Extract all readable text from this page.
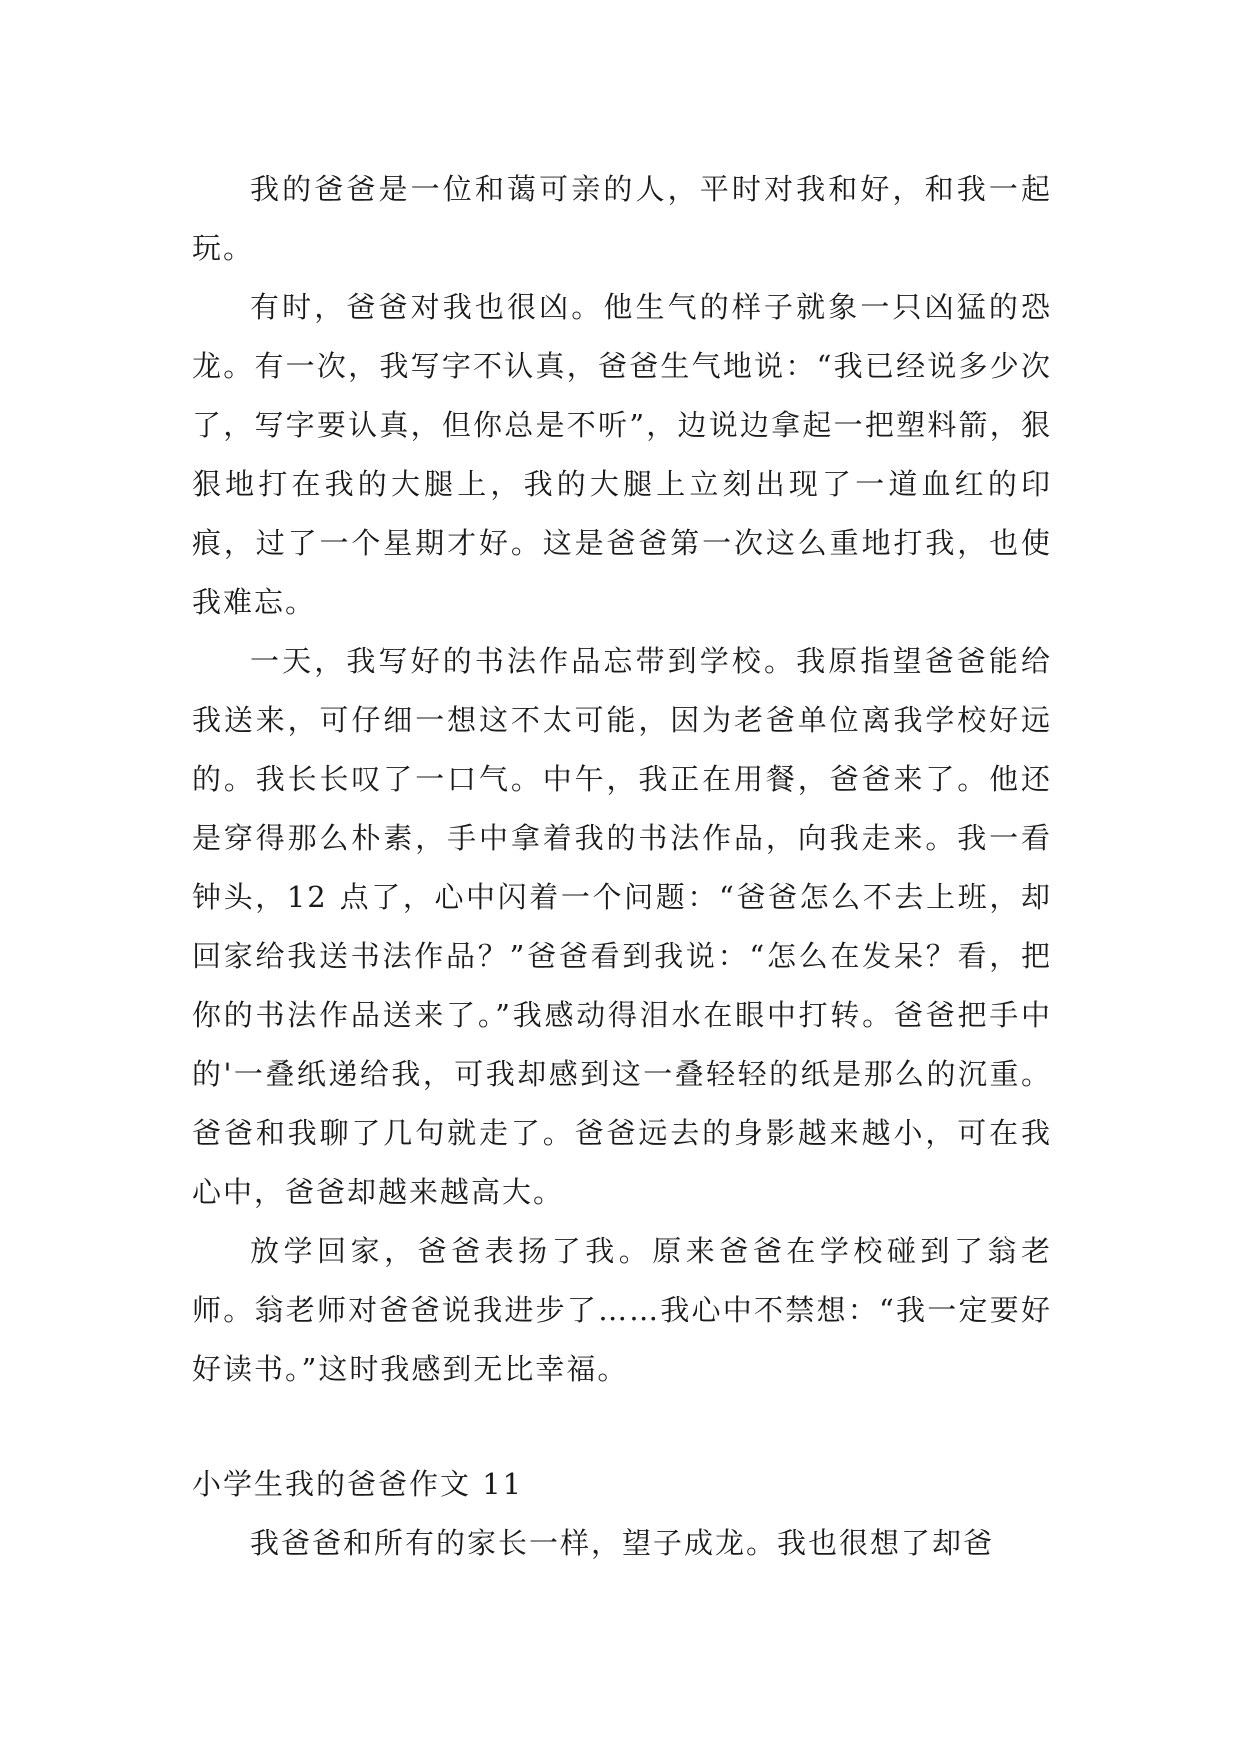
我的爸爸是一位和蔼可亲的人，平时对我和好，和我一起玩。

有时，爸爸对我也很凶。他生气的样子就象一只凶猛的恐龙。有一次，我写字不认真，爸爸生气地说：“我已经说多少次了，写字要认真，但你总是不听”，边说边拿起一把塑料箭，狠狠地打在我的大腿上，我的大腿上立刻出现了一道血红的印痕，过了一个星期才好。这是爸爸第一次这么重地打我，也使我难忘。

一天，我写好的书法作品忘带到学校。我原指望爸爸能给我送来，可仔细一想这不太可能，因为老爸单位离我学校好远的。我长长叹了一口气。中午，我正在用餐，爸爸来了。他还是穿得那么朴素，手中拿着我的书法作品，向我走来。我一看钟头，12 点了，心中闪着一个问题：“爸爸怎么不去上班，却回家给我送书法作品？”爸爸看到我说：“怎么在发呆？看，把你的书法作品送来了。”我感动得泪水在眼中打转。爸爸把手中的'一叠纸递给我，可我却感到这一叠轻轻的纸是那么的沉重。爸爸和我聊了几句就走了。爸爸远去的身影越来越小，可在我心中，爸爸却越来越高大。

放学回家，爸爸表扬了我。原来爸爸在学校碰到了翁老师。翁老师对爸爸说我进步了……我心中不禁想：“我一定要好好读书。”这时我感到无比幸福。

小学生我的爸爸作文 11

我爸爸和所有的家长一样，望子成龙。我也很想了却爸
